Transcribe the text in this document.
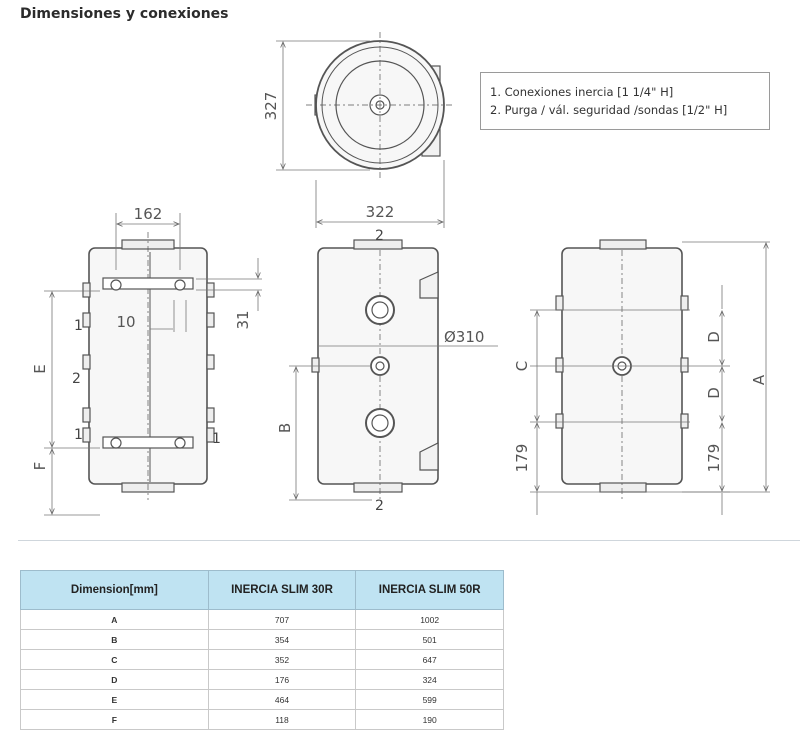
Dimensiones y conexiones
327
322
162
10	31
E
F
1
2
1	1
Ø310
B
2
2
C
179
D
D
179
A
1. Conexiones inercia [1 1/4" H]
2. Purga / vál. seguridad /sondas [1/2" H]
Dimension[mm]	INERCIA SLIM 30R	INERCIA SLIM 50R
A	707	1002
B	354	501
C	352	647
D	176	324
E	464	599
F	118	190
